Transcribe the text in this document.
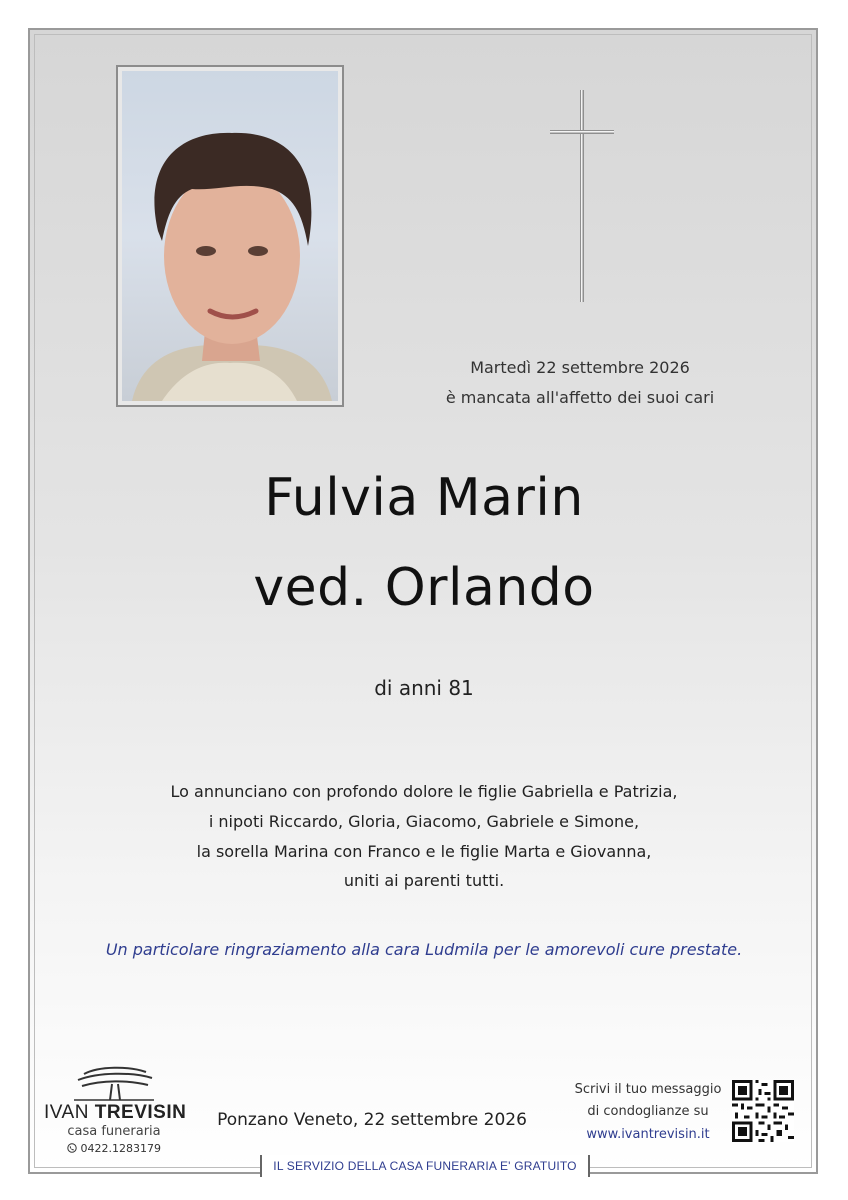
Martedì 22 settembre 2026
è mancata all'affetto dei suoi cari
Fulvia Marin
ved. Orlando
di anni 81
Lo annunciano con profondo dolore le figlie Gabriella e Patrizia,
i nipoti Riccardo, Gloria, Giacomo, Gabriele e Simone,
la sorella Marina con Franco e le figlie Marta e Giovanna,
uniti ai parenti tutti.
Un particolare ringraziamento alla cara Ludmila per le amorevoli cure prestate.
IVAN TREVISIN
casa funeraria
0422.1283179
Ponzano Veneto, 22 settembre 2026
Scrivi il tuo messaggio
di condoglianze su
www.ivantrevisin.it
IL SERVIZIO DELLA CASA FUNERARIA E' GRATUITO
